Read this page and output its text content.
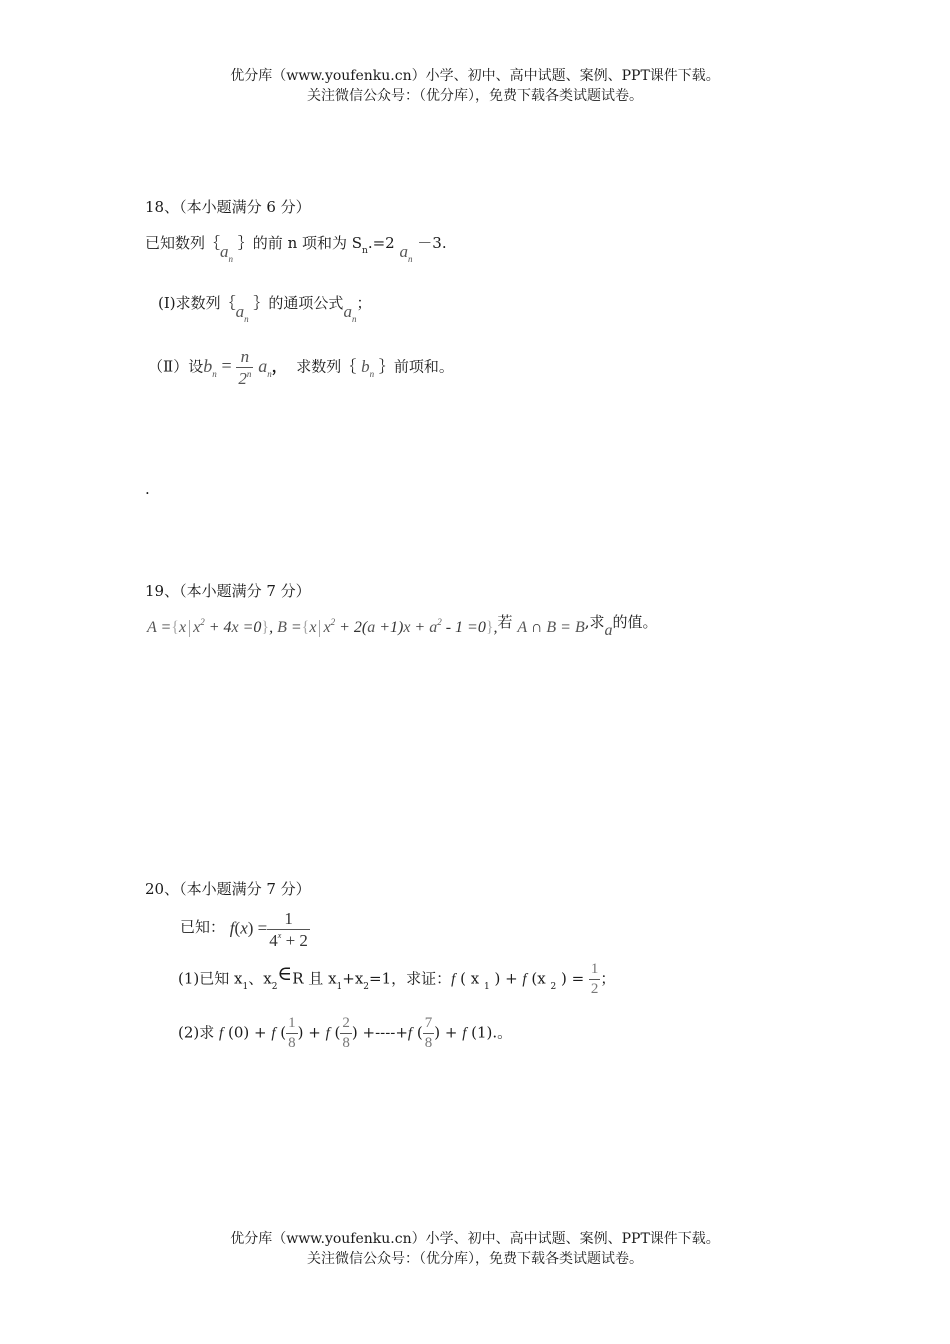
优分库（www.youfenku.cn）小学、初中、高中试题、案例、PPT课件下载。
关注微信公众号：（优分库），免费下载各类试题试卷。
18、（本小题满分 6 分）
已知数列$\{a_n$ ｝的前 n 项和为 $S_n.=2$ $a_n -3$.
(Ⅰ)求数列$\{a_n$ ｝的通项公式$a_n$；
（Ⅱ）设$b_n = \frac{n}{2^n} a_n$， 求数列｛ $b_n$ ｝前项和。
.
19、（本小题满分 7 分）
A ={x $x^2 + 4x =0$}, B ={x $x^2 + 2(a +1)x + a^2 - 1 =0$},若 A ∩ B = B,求a的值。
20、（本小题满分 7 分）
已知： $f(x) = \frac{1}{4^x + 2}$
(1)已知 $x_1$、$x_2\in R$ 且 $x_1+x_2=1$，求证：f ( x $_1$ ) + f (x $_2$ ) = $\frac{1}{2}$ ；
(2)求 f (0) + f ( $\frac{1}{8}$ ) + f ( $\frac{2}{8}$ ) +----+f ( $\frac{7}{8}$ ) + f (1).。
优分库（www.youfenku.cn）小学、初中、高中试题、案例、PPT课件下载。
关注微信公众号：（优分库），免费下载各类试题试卷。
